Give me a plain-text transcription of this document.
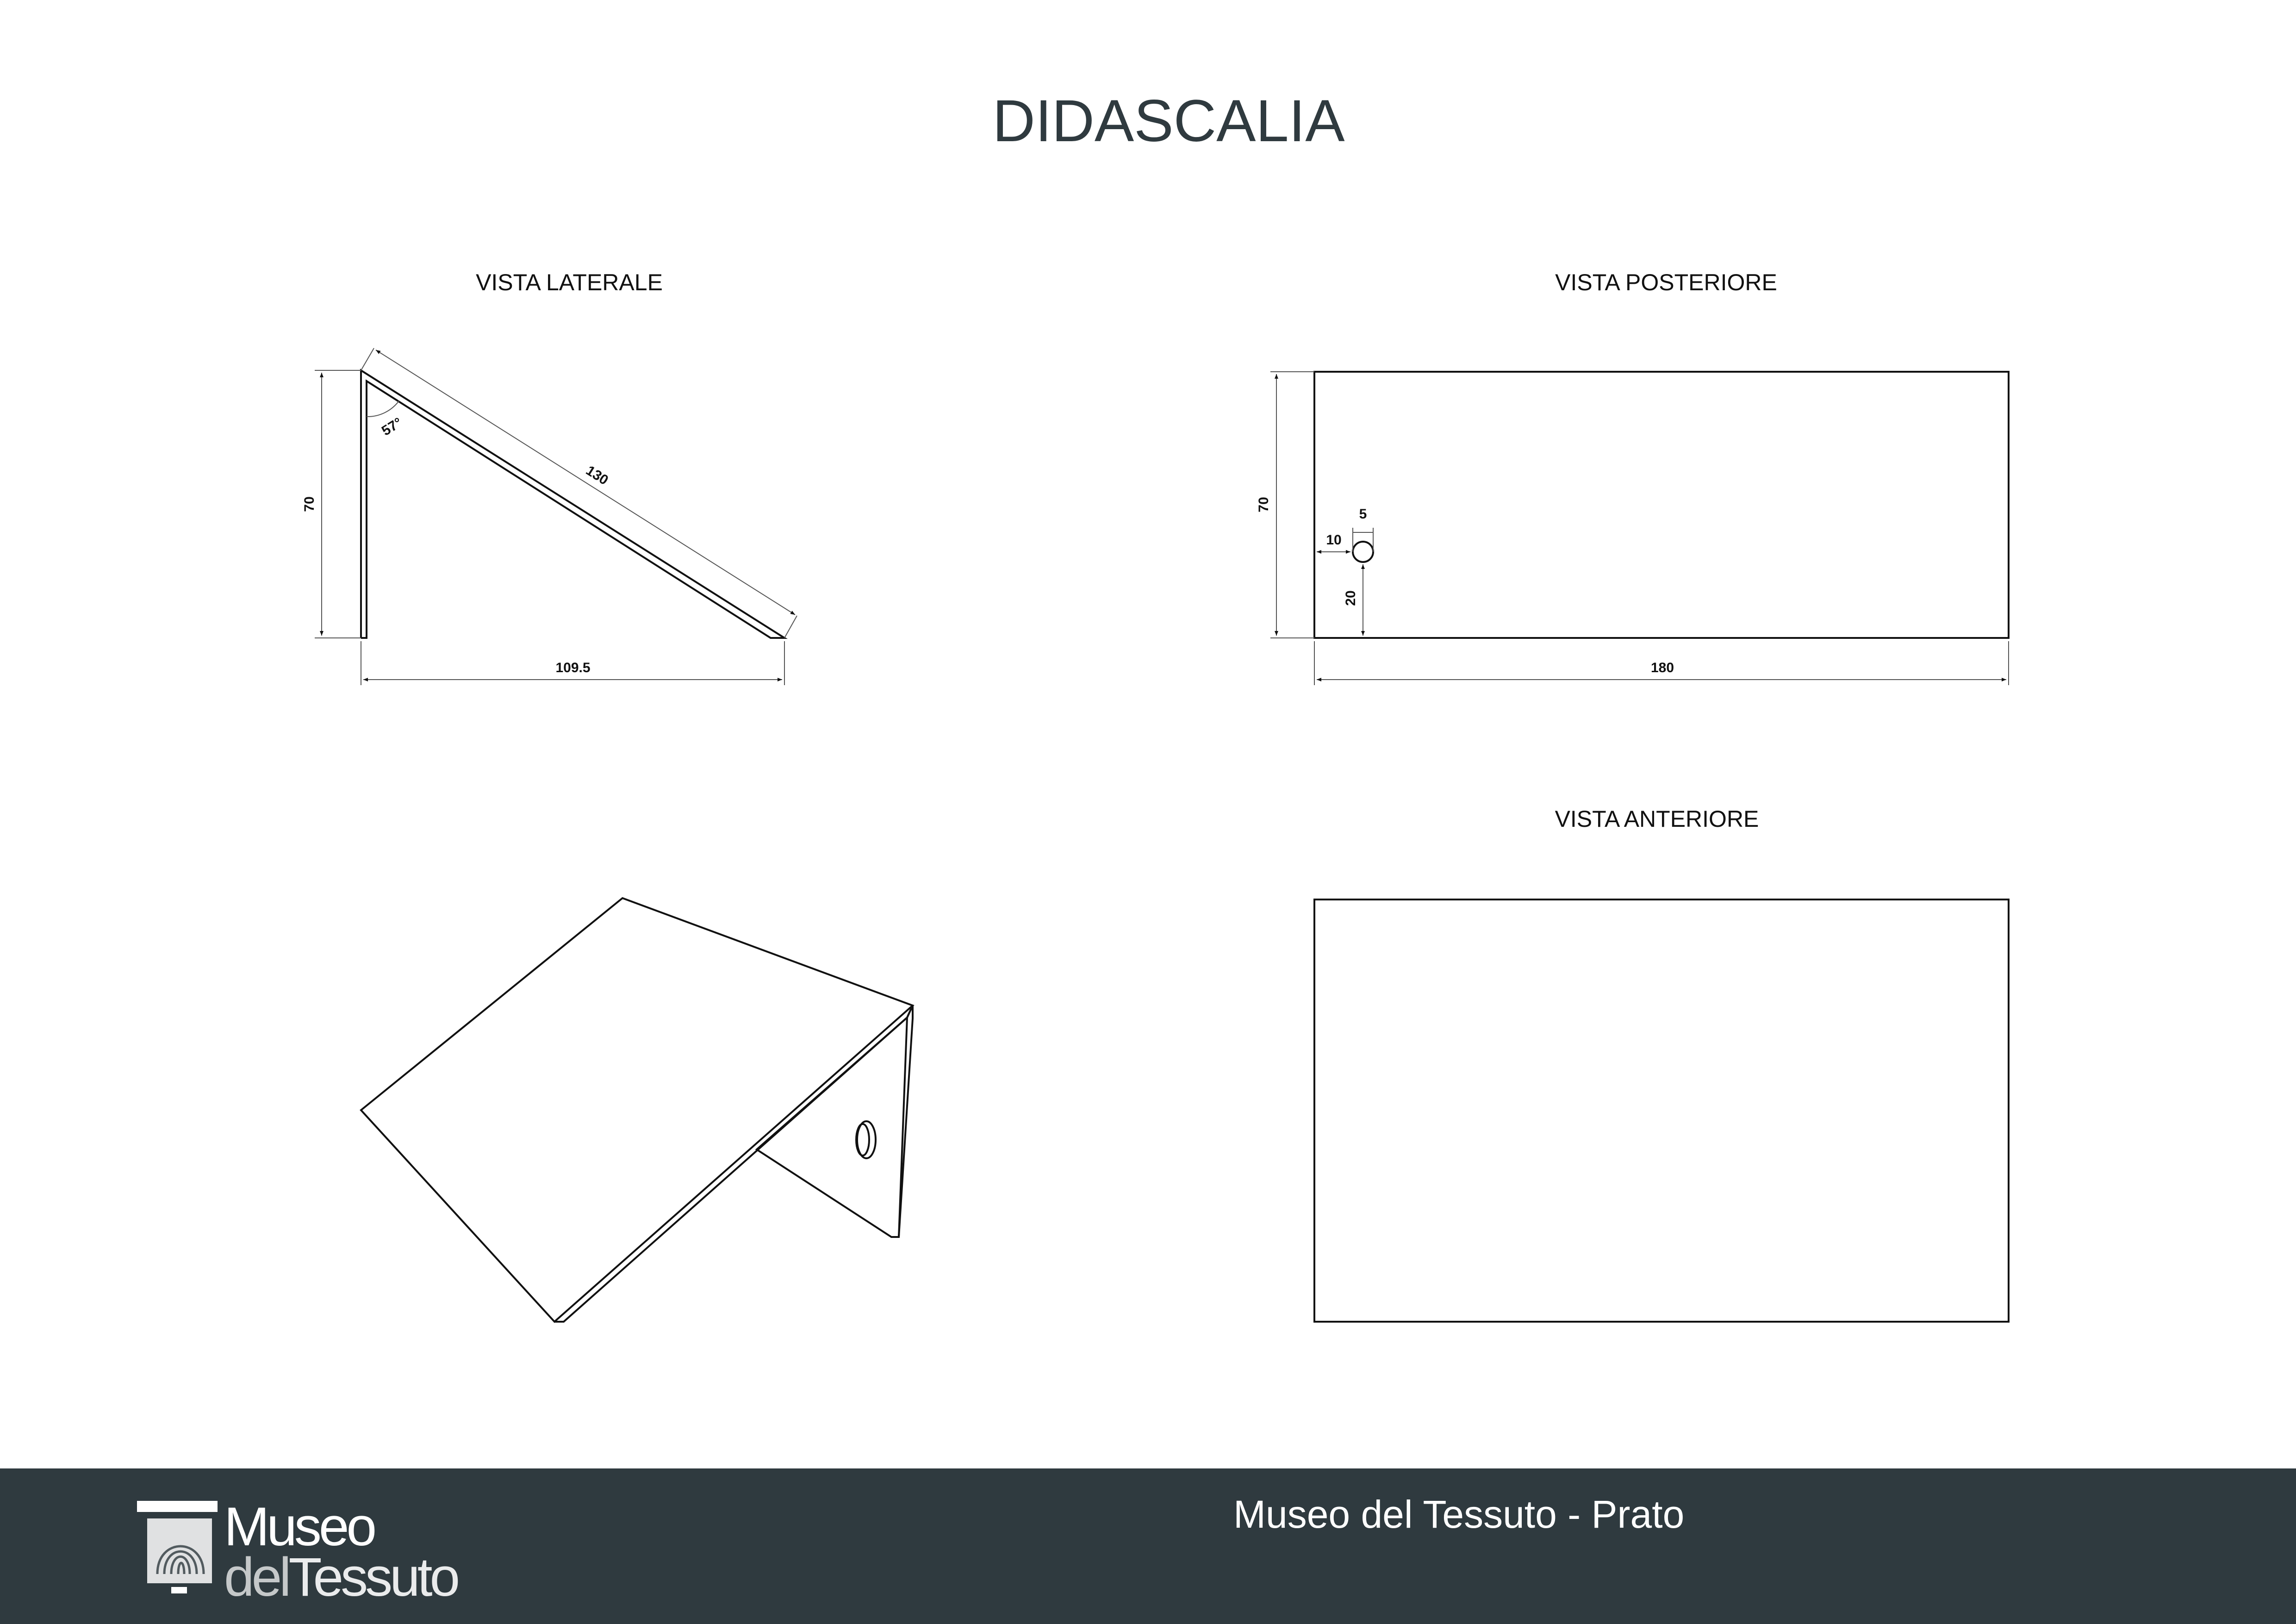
DIDASCALIA
VISTA LATERALE
70
130
57°
109.5
VISTA POSTERIORE
70
5
10
20
180
VISTA ANTERIORE
Museo
delTessuto
Museo del Tessuto - Prato
